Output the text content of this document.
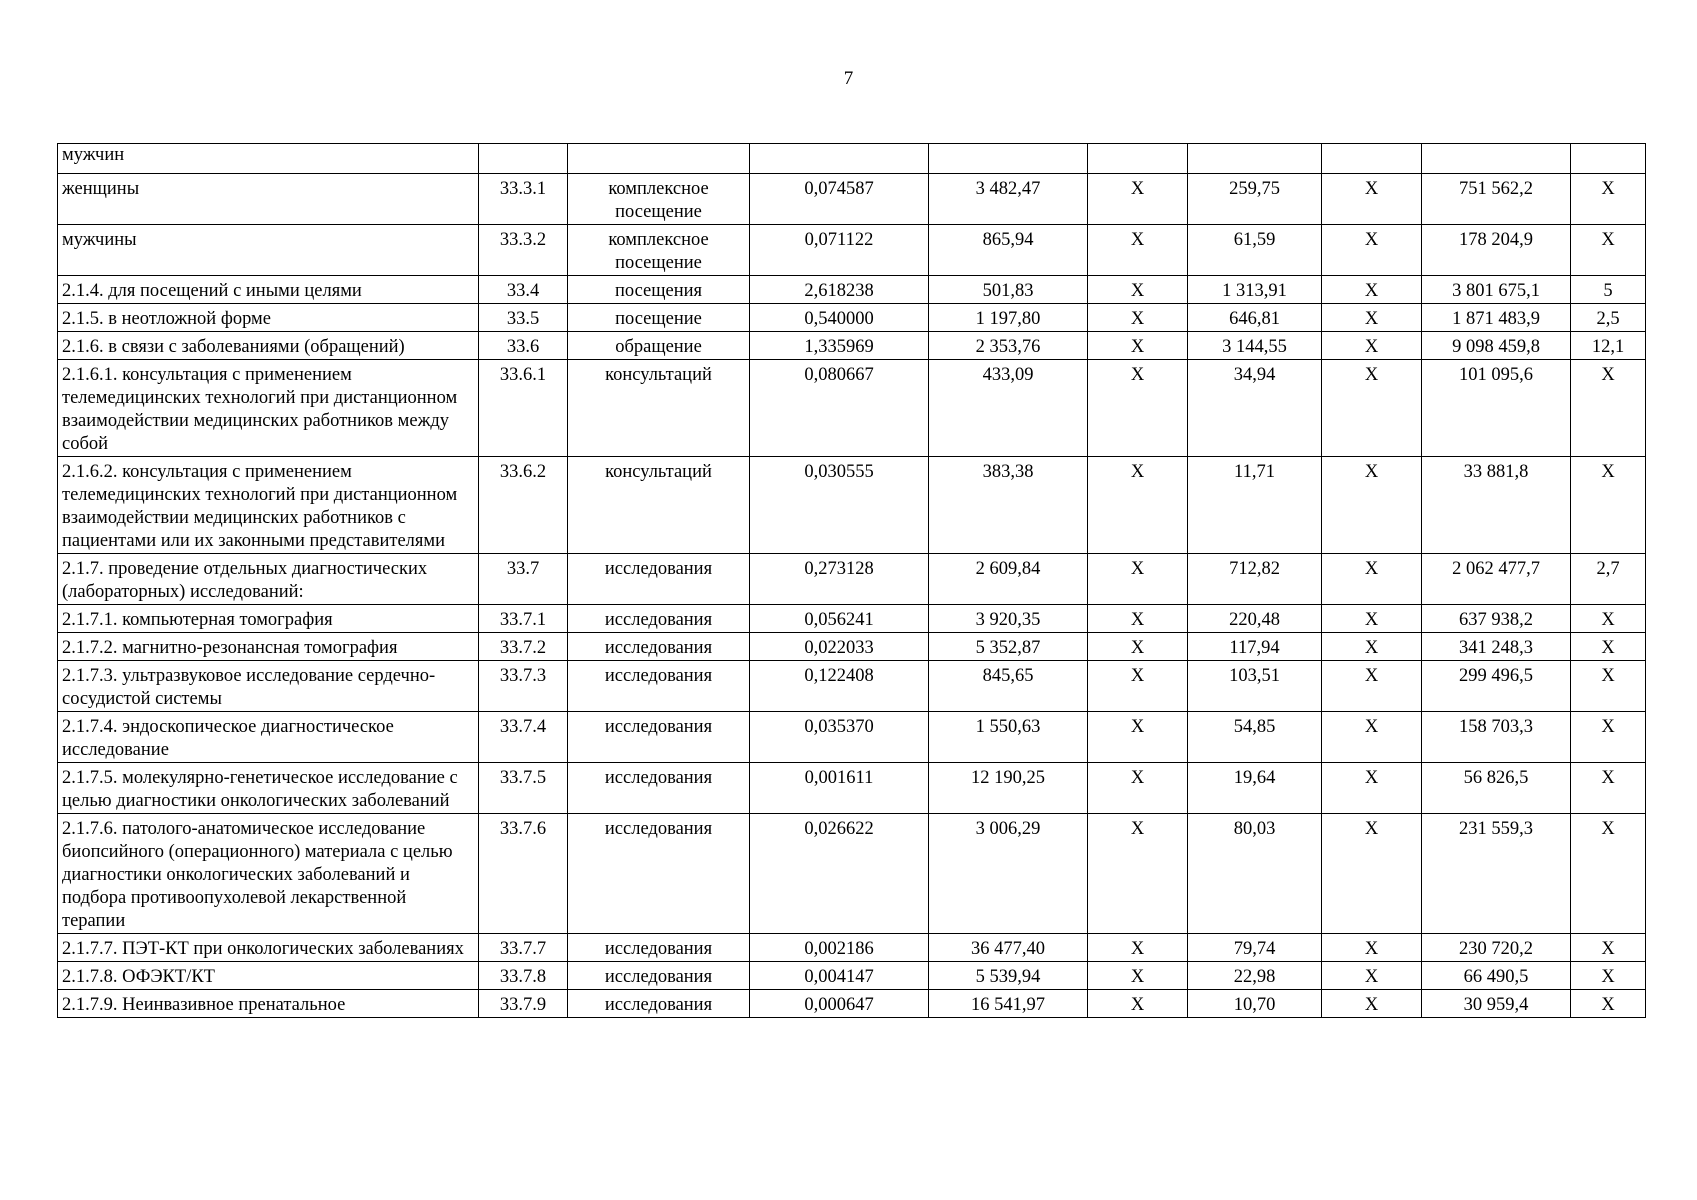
7
мужчин									
женщины	33.3.1	комплексное посещение	0,074587	3 482,47	X	259,75	X	751 562,2	X
мужчины	33.3.2	комплексное посещение	0,071122	865,94	X	61,59	X	178 204,9	X
2.1.4. для посещений с иными целями	33.4	посещения	2,618238	501,83	X	1 313,91	X	3 801 675,1	5
2.1.5. в неотложной форме	33.5	посещение	0,540000	1 197,80	X	646,81	X	1 871 483,9	2,5
2.1.6. в связи с заболеваниями (обращений)	33.6	обращение	1,335969	2 353,76	X	3 144,55	X	9 098 459,8	12,1
2.1.6.1. консультация с применением телемедицинских технологий при дистанционном взаимодействии медицинских работников между собой	33.6.1	консультаций	0,080667	433,09	X	34,94	X	101 095,6	X
2.1.6.2. консультация с применением телемедицинских технологий при дистанционном взаимодействии медицинских работников с пациентами или их законными представителями	33.6.2	консультаций	0,030555	383,38	X	11,71	X	33 881,8	X
2.1.7. проведение отдельных диагностических (лабораторных) исследований:	33.7	исследования	0,273128	2 609,84	X	712,82	X	2 062 477,7	2,7
2.1.7.1. компьютерная томография	33.7.1	исследования	0,056241	3 920,35	X	220,48	X	637 938,2	X
2.1.7.2. магнитно-резонансная томография	33.7.2	исследования	0,022033	5 352,87	X	117,94	X	341 248,3	X
2.1.7.3. ультразвуковое исследование сердечно-сосудистой системы	33.7.3	исследования	0,122408	845,65	X	103,51	X	299 496,5	X
2.1.7.4. эндоскопическое диагностическое исследование	33.7.4	исследования	0,035370	1 550,63	X	54,85	X	158 703,3	X
2.1.7.5. молекулярно-генетическое исследование с целью диагностики онкологических заболеваний	33.7.5	исследования	0,001611	12 190,25	X	19,64	X	56 826,5	X
2.1.7.6. патолого-анатомическое исследование биопсийного (операционного) материала с целью диагностики онкологических заболеваний и подбора противоопухолевой лекарственной терапии	33.7.6	исследования	0,026622	3 006,29	X	80,03	X	231 559,3	X
2.1.7.7. ПЭТ-КТ при онкологических заболеваниях	33.7.7	исследования	0,002186	36 477,40	X	79,74	X	230 720,2	X
2.1.7.8. ОФЭКТ/КТ	33.7.8	исследования	0,004147	5 539,94	X	22,98	X	66 490,5	X
2.1.7.9. Неинвазивное пренатальное	33.7.9	исследования	0,000647	16 541,97	X	10,70	X	30 959,4	X
